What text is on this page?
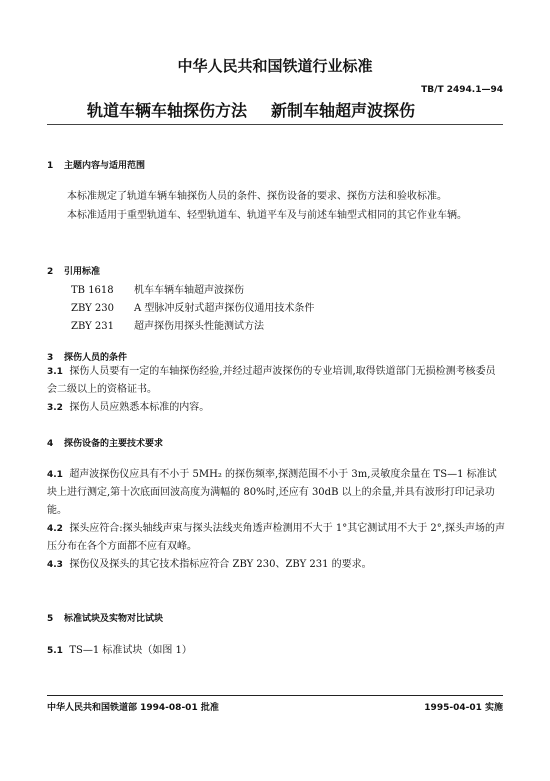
中华人民共和国铁道行业标准
TB/T 2494.1—94
轨道车辆车轴探伤方法 新制车轴超声波探伤
1 主题内容与适用范围
本标准规定了轨道车辆车轴探伤人员的条件、探伤设备的要求、探伤方法和验收标准。
本标准适用于重型轨道车、轻型轨道车、轨道平车及与前述车轴型式相同的其它作业车辆。
2 引用标准
TB 1618 机车车辆车轴超声波探伤
ZBY 230 A 型脉冲反射式超声探伤仪通用技术条件
ZBY 231 超声探伤用探头性能测试方法
3 探伤人员的条件
3.1 探伤人员要有一定的车轴探伤经验,并经过超声波探伤的专业培训,取得铁道部门无损检测考核委员会二级以上的资格证书。
3.2 探伤人员应熟悉本标准的内容。
4 探伤设备的主要技术要求
4.1 超声波探伤仪应具有不小于 5MH₂ 的探伤频率,探测范围不小于 3m,灵敏度余量在 TS—1 标准试块上进行测定,第十次底面回波高度为满幅的 80%时,还应有 30dB 以上的余量,并具有波形打印记录功能。
4.2 探头应符合:探头轴线声束与探头法线夹角透声检测用不大于 1°其它测试用不大于 2°,探头声场的声压分布在各个方面都不应有双峰。
4.3 探伤仪及探头的其它技术指标应符合 ZBY 230、ZBY 231 的要求。
5 标准试块及实物对比试块
5.1 TS—1 标准试块（如图 1）
中华人民共和国铁道部 1994-08-01 批准	1995-04-01 实施
